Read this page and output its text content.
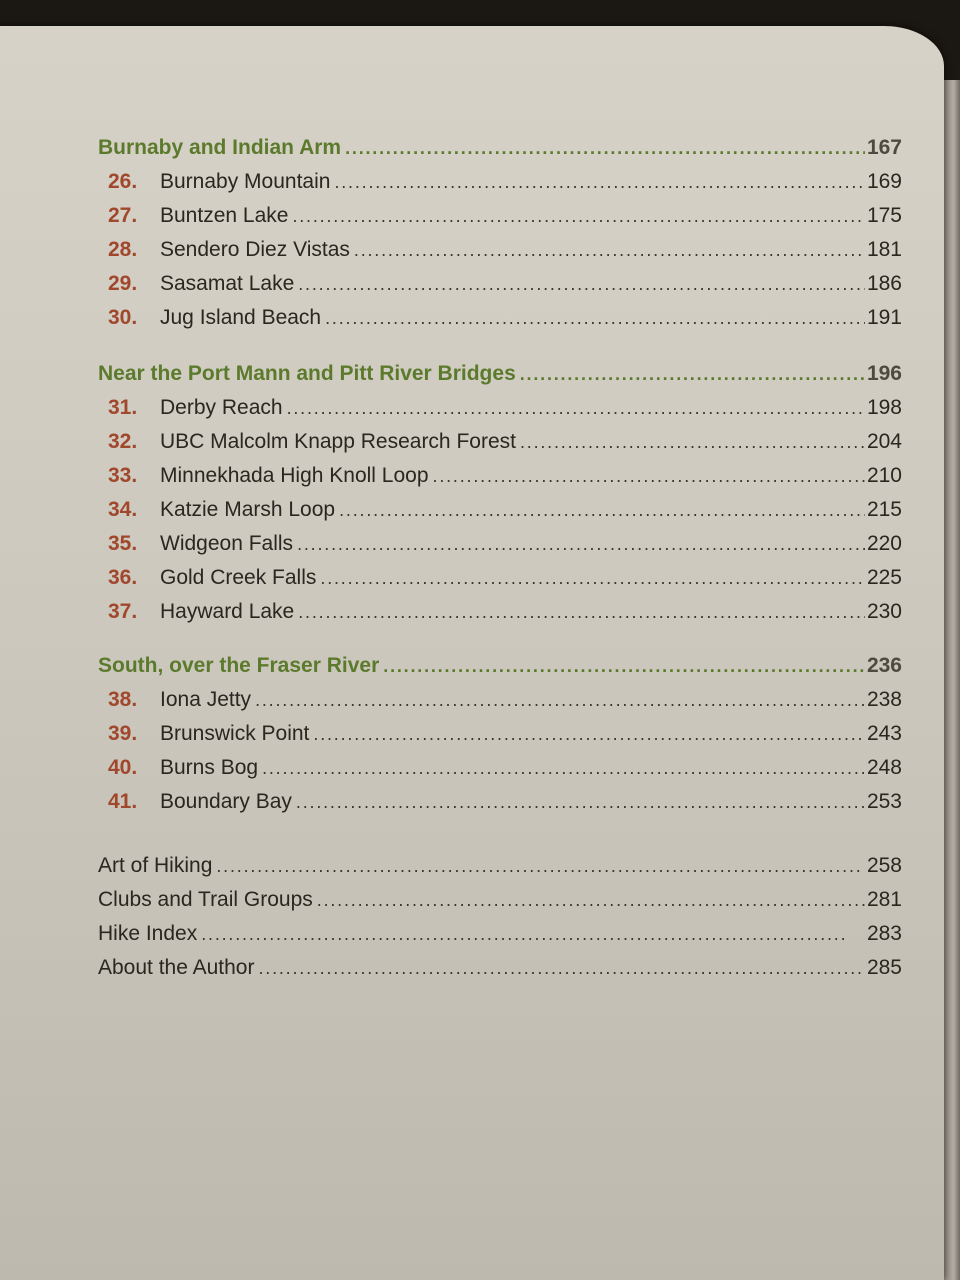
Burnaby and Indian Arm . . .	167
26.	Burnaby Mountain . . .	169
27.	Buntzen Lake . . .	175
28.	Sendero Diez Vistas . . .	181
29.	Sasamat Lake . . .	186
30.	Jug Island Beach . . .	191
Near the Port Mann and Pitt River Bridges . . .	196
31.	Derby Reach . . .	198
32.	UBC Malcolm Knapp Research Forest . . .	204
33.	Minnekhada High Knoll Loop . . .	210
34.	Katzie Marsh Loop . . .	215
35.	Widgeon Falls . . .	220
36.	Gold Creek Falls . . .	225
37.	Hayward Lake . . .	230
South, over the Fraser River . . .	236
38.	Iona Jetty . . .	238
39.	Brunswick Point . . .	243
40.	Burns Bog . . .	248
41.	Boundary Bay . . .	253
Art of Hiking . . .	258
Clubs and Trail Groups . . .	281
Hike Index . . .	283
About the Author . . .	285
